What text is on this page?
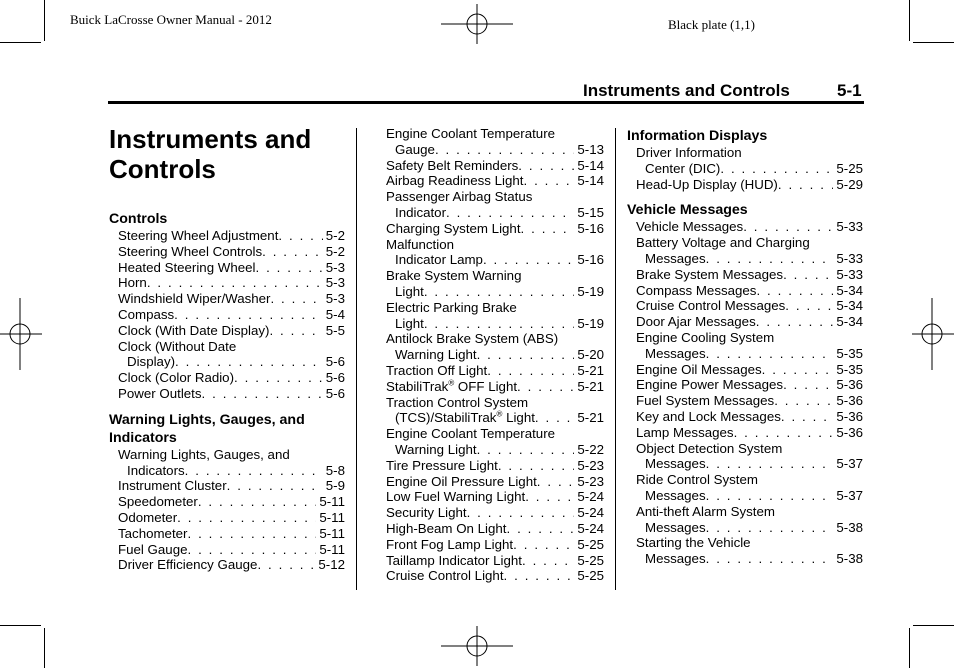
Buick LaCrosse Owner Manual - 2012	Black plate (1,1)
Instruments and Controls	5-1
Instruments and
Controls
Controls
Steering Wheel Adjustment . . .	5-2
Steering Wheel Controls . . .	5-2
Heated Steering Wheel . . .	5-3
Horn . . .	5-3
Windshield Wiper/Washer . . .	5-3
Compass . . .	5-4
Clock (With Date Display) . . .	5-5
Clock (Without Date
Display) . . .	5-6
Clock (Color Radio) . . .	5-6
Power Outlets . . .	5-6
Warning Lights, Gauges, and
Indicators
Warning Lights, Gauges, and
Indicators . . .	5-8
Instrument Cluster . . .	5-9
Speedometer . . .	5-11
Odometer . . .	5-11
Tachometer . . .	5-11
Fuel Gauge . . .	5-11
Driver Efficiency Gauge . . .	5-12
Engine Coolant Temperature
Gauge . . .	5-13
Safety Belt Reminders . . .	5-14
Airbag Readiness Light . . .	5-14
Passenger Airbag Status
Indicator . . .	5-15
Charging System Light . . .	5-16
Malfunction
Indicator Lamp . . .	5-16
Brake System Warning
Light . . .	5-19
Electric Parking Brake
Light . . .	5-19
Antilock Brake System (ABS)
Warning Light . . .	5-20
Traction Off Light . . .	5-21
StabiliTrak® OFF Light . . .	5-21
Traction Control System
(TCS)/StabiliTrak® Light . . .	5-21
Engine Coolant Temperature
Warning Light . . .	5-22
Tire Pressure Light . . .	5-23
Engine Oil Pressure Light . . .	5-23
Low Fuel Warning Light . . .	5-24
Security Light . . .	5-24
High-Beam On Light . . .	5-24
Front Fog Lamp Light . . .	5-25
Taillamp Indicator Light . . .	5-25
Cruise Control Light . . .	5-25
Information Displays
Driver Information
Center (DIC) . . .	5-25
Head-Up Display (HUD) . . .	5-29
Vehicle Messages
Vehicle Messages . . .	5-33
Battery Voltage and Charging
Messages . . .	5-33
Brake System Messages . . .	5-33
Compass Messages . . .	5-34
Cruise Control Messages . . .	5-34
Door Ajar Messages . . .	5-34
Engine Cooling System
Messages . . .	5-35
Engine Oil Messages . . .	5-35
Engine Power Messages . . .	5-36
Fuel System Messages . . .	5-36
Key and Lock Messages . . .	5-36
Lamp Messages . . .	5-36
Object Detection System
Messages . . .	5-37
Ride Control System
Messages . . .	5-37
Anti-theft Alarm System
Messages . . .	5-38
Starting the Vehicle
Messages . . .	5-38
